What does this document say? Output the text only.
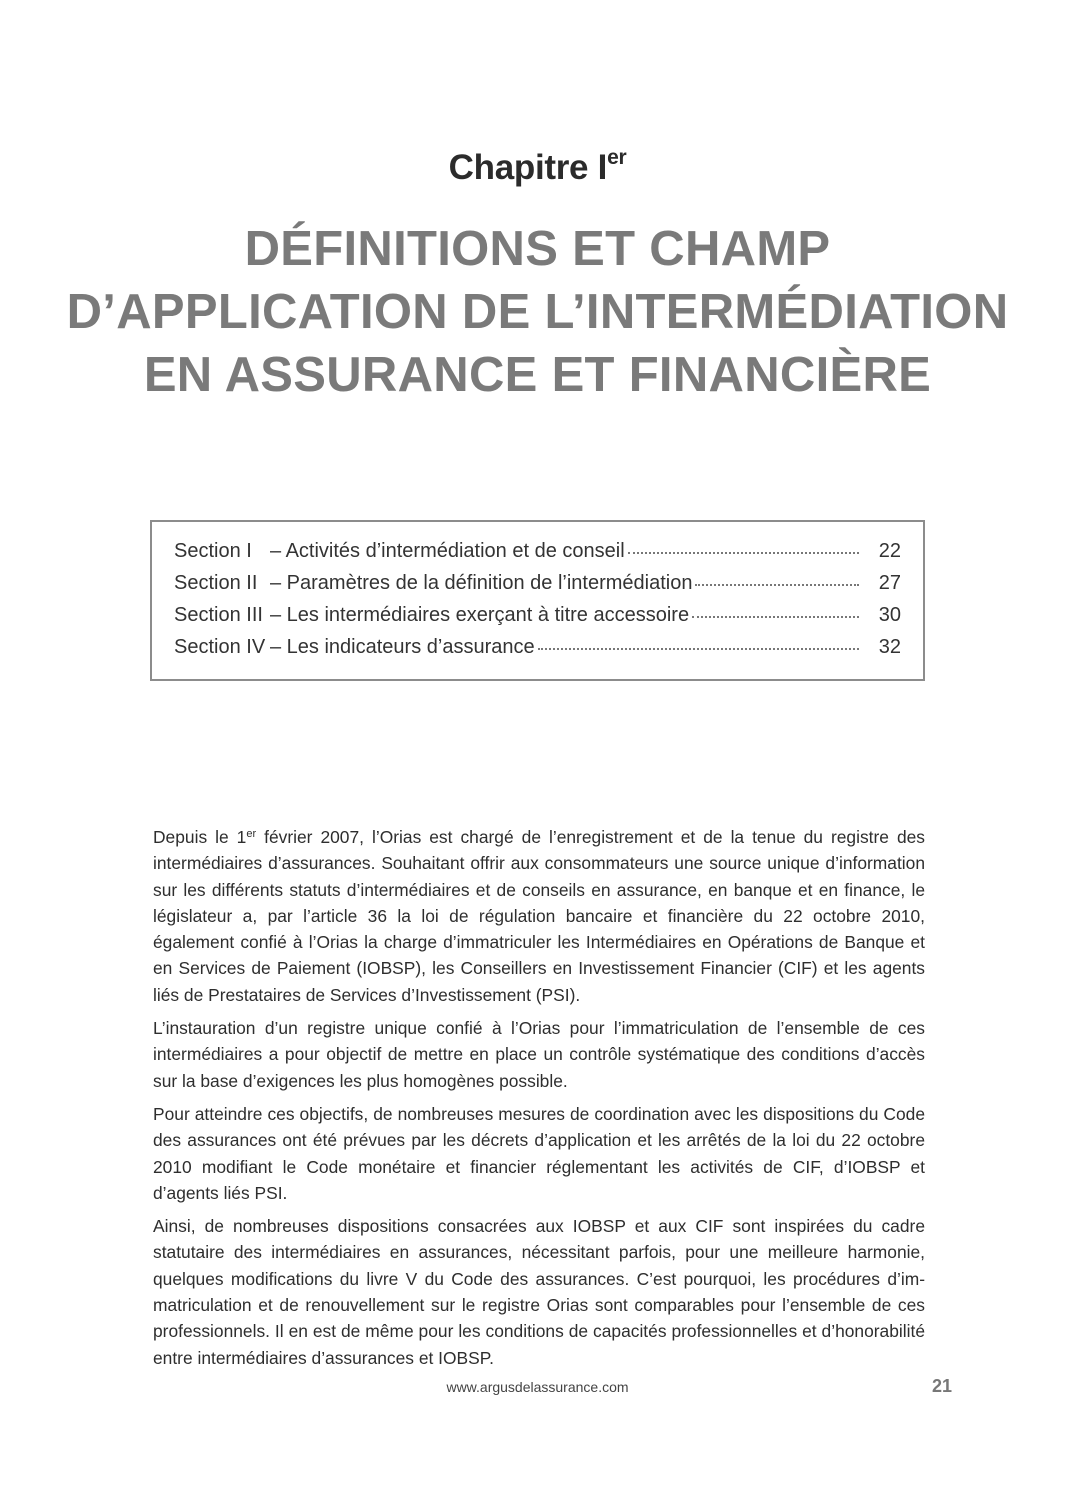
Chapitre Ier
DÉFINITIONS ET CHAMP
D’APPLICATION DE L’INTERMÉDIATION
EN ASSURANCE ET FINANCIÈRE
Section I – Activités d’intermédiation et de conseil	22
Section II – Paramètres de la définition de l’intermédiation	27
Section III – Les intermédiaires exerçant à titre accessoire	30
Section IV – Les indicateurs d’assurance	32

Depuis le 1er février 2007, l’Orias est chargé de l’enregistrement et de la tenue du registre des intermédiaires d’assurances. Souhaitant offrir aux consommateurs une source unique d’information sur les différents statuts d’intermédiaires et de conseils en assurance, en banque et en finance, le législateur a, par l’article 36 la loi de régulation bancaire et financière du 22 octobre 2010, également confié à l’Orias la charge d’immatriculer les Intermédiaires en Opérations de Banque et en Services de Paiement (IOBSP), les Conseillers en Investissement Financier (CIF) et les agents liés de Prestataires de Services d’Investissement (PSI).

L’instauration d’un registre unique confié à l’Orias pour l’immatriculation de l’ensemble de ces intermédiaires a pour objectif de mettre en place un contrôle systématique des conditions d’accès sur la base d’exigences les plus homogènes possible.

Pour atteindre ces objectifs, de nombreuses mesures de coordination avec les dispositions du Code des assurances ont été prévues par les décrets d’application et les arrêtés de la loi du 22 octobre 2010 modifiant le Code monétaire et financier réglementant les activités de CIF, d’IOBSP et d’agents liés PSI.

Ainsi, de nombreuses dispositions consacrées aux IOBSP et aux CIF sont inspirées du cadre statutaire des intermédiaires en assurances, nécessitant parfois, pour une meilleure harmonie, quelques modifications du livre V du Code des assurances. C’est pourquoi, les procédures d’immatriculation et de renouvellement sur le registre Orias sont comparables pour l’ensemble de ces professionnels. Il en est de même pour les conditions de capacités professionnelles et d’honorabilité entre intermédiaires d’assurances et IOBSP.

www.argusdelassurance.com	21
